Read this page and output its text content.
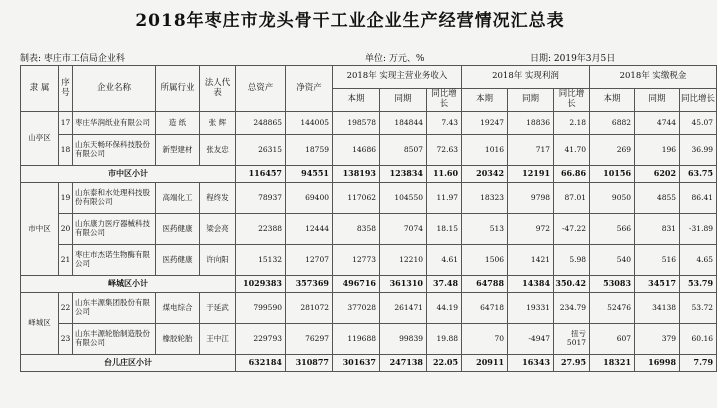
2018年枣庄市龙头骨干工业企业生产经营情况汇总表
制表: 枣庄市工信局企业科	单位: 万元、%	日期: 2019年3月5日
隶 属	序号	企业名称	所属行业	法人代表	总资产	净资产	2018年 实现主营业务收入			2018年 实现利润			2018年 实缴税金		
							本期	同期	同比增长	本期	同期	同比增长	本期	同期	同比增长
山亭区	17	枣庄华润纸业有限公司	造 纸	张 辉	248865	144005	198578	184844	7.43	19247	18836	2.18	6882	4744	45.07
	18	山东天畅环保科技股份有限公司	新型建材	张友忠	26315	18759	14686	8507	72.63	1016	717	41.70	269	196	36.99
市中区小计					116457	94551	138193	123834	11.60	20342	12191	66.86	10156	6202	63.75
市中区	19	山东泰和水处理科技股份有限公司	高端化工	程终发	78937	69400	117062	104550	11.97	18323	9798	87.01	9050	4855	86.41
	20	山东康力医疗器械科技有限公司	医药健康	梁会亮	22388	12444	8358	7074	18.15	513	972	-47.22	566	831	-31.89
	21	枣庄市杰诺生物酶有限公司	医药健康	许向阳	15132	12707	12773	12210	4.61	1506	1421	5.98	540	516	4.65
峄城区小计					1029383	357369	496716	361310	37.48	64788	14384	350.42	53083	34517	53.79
峄城区	22	山东丰源集团股份有限公司	煤电综合	于延武	799590	281072	377028	261471	44.19	64718	19331	234.79	52476	34138	53.72
	23	山东丰源轮胎制造股份有限公司	橡胶轮胎	王中江	229793	76297	119688	99839	19.88	70	-4947	扭亏 5017	607	379	60.16
台儿庄区小计					632184	310877	301637	247138	22.05	20911	16343	27.95	18321	16998	7.79
